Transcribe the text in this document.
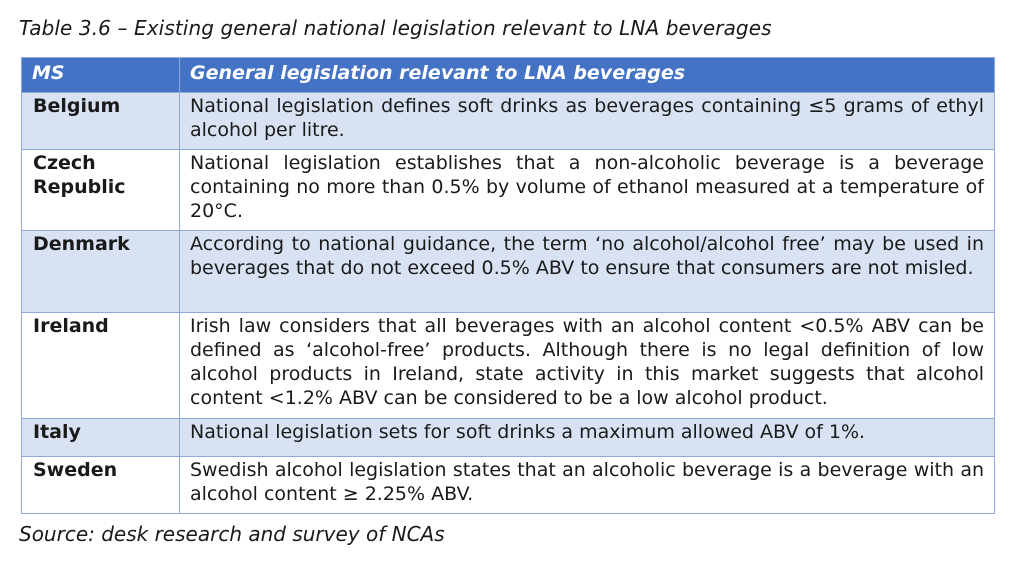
Table 3.6 – Existing general national legislation relevant to LNA beverages
MS	General legislation relevant to LNA beverages
Belgium	National legislation defines soft drinks as beverages containing ≤5 grams of ethyl alcohol per litre.
Czech Republic	National legislation establishes that a non-alcoholic beverage is a beverage containing no more than 0.5% by volume of ethanol measured at a temperature of 20°C.
Denmark	According to national guidance, the term ‘no alcohol/alcohol free’ may be used in beverages that do not exceed 0.5% ABV to ensure that consumers are not misled.
Ireland	Irish law considers that all beverages with an alcohol content <0.5% ABV can be defined as ‘alcohol-free’ products. Although there is no legal definition of low alcohol products in Ireland, state activity in this market suggests that alcohol content <1.2% ABV can be considered to be a low alcohol product.
Italy	National legislation sets for soft drinks a maximum allowed ABV of 1%.
Sweden	Swedish alcohol legislation states that an alcoholic beverage is a beverage with an alcohol content ≥ 2.25% ABV.
Source: desk research and survey of NCAs
